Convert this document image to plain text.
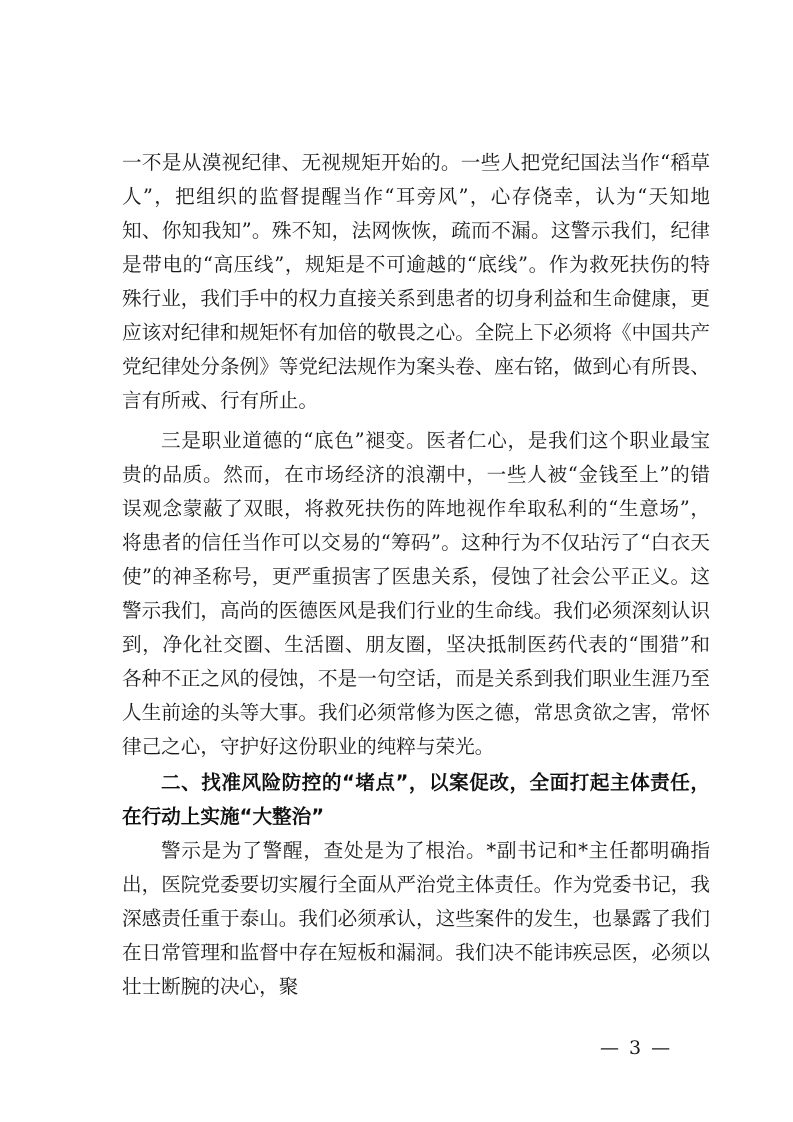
一不是从漠视纪律、无视规矩开始的。一些人把党纪国法当作“稻草人”，把组织的监督提醒当作“耳旁风”，心存侥幸，认为“天知地知、你知我知”。殊不知，法网恢恢，疏而不漏。这警示我们，纪律是带电的“高压线”，规矩是不可逾越的“底线”。作为救死扶伤的特殊行业，我们手中的权力直接关系到患者的切身利益和生命健康，更应该对纪律和规矩怀有加倍的敬畏之心。全院上下必须将《中国共产党纪律处分条例》等党纪法规作为案头卷、座右铭，做到心有所畏、言有所戒、行有所止。

三是职业道德的“底色”褪变。医者仁心，是我们这个职业最宝贵的品质。然而，在市场经济的浪潮中，一些人被“金钱至上”的错误观念蒙蔽了双眼，将救死扶伤的阵地视作牟取私利的“生意场”，将患者的信任当作可以交易的“筹码”。这种行为不仅玷污了“白衣天使”的神圣称号，更严重损害了医患关系，侵蚀了社会公平正义。这警示我们，高尚的医德医风是我们行业的生命线。我们必须深刻认识到，净化社交圈、生活圈、朋友圈，坚决抵制医药代表的“围猎”和各种不正之风的侵蚀，不是一句空话，而是关系到我们职业生涯乃至人生前途的头等大事。我们必须常修为医之德，常思贪欲之害，常怀律己之心，守护好这份职业的纯粹与荣光。

二、找准风险防控的“堵点”，以案促改，全面打起主体责任，在行动上实施“大整治”

警示是为了警醒，查处是为了根治。*副书记和*主任都明确指出，医院党委要切实履行全面从严治党主体责任。作为党委书记，我深感责任重于泰山。我们必须承认，这些案件的发生，也暴露了我们在日常管理和监督中存在短板和漏洞。我们决不能讳疾忌医，必须以壮士断腕的决心，聚

— 3 —
